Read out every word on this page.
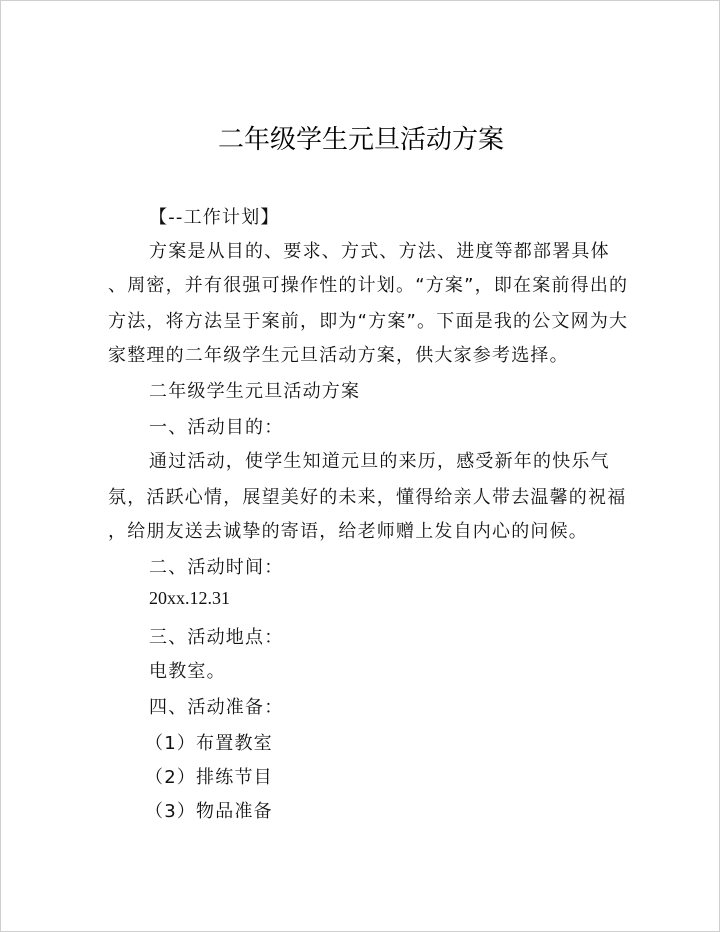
二年级学生元旦活动方案
【--工作计划】
方案是从目的、要求、方式、方法、进度等都部署具体
、周密，并有很强可操作性的计划。“方案”，即在案前得出的
方法，将方法呈于案前，即为“方案”。下面是我的公文网为大
家整理的二年级学生元旦活动方案，供大家参考选择。
二年级学生元旦活动方案
一、活动目的：
通过活动，使学生知道元旦的来历，感受新年的快乐气
氛，活跃心情，展望美好的未来，懂得给亲人带去温馨的祝福
，给朋友送去诚挚的寄语，给老师赠上发自内心的问候。
二、活动时间：
20xx.12.31
三、活动地点：
电教室。
四、活动准备：
（1）布置教室
（2）排练节目
（3）物品准备
